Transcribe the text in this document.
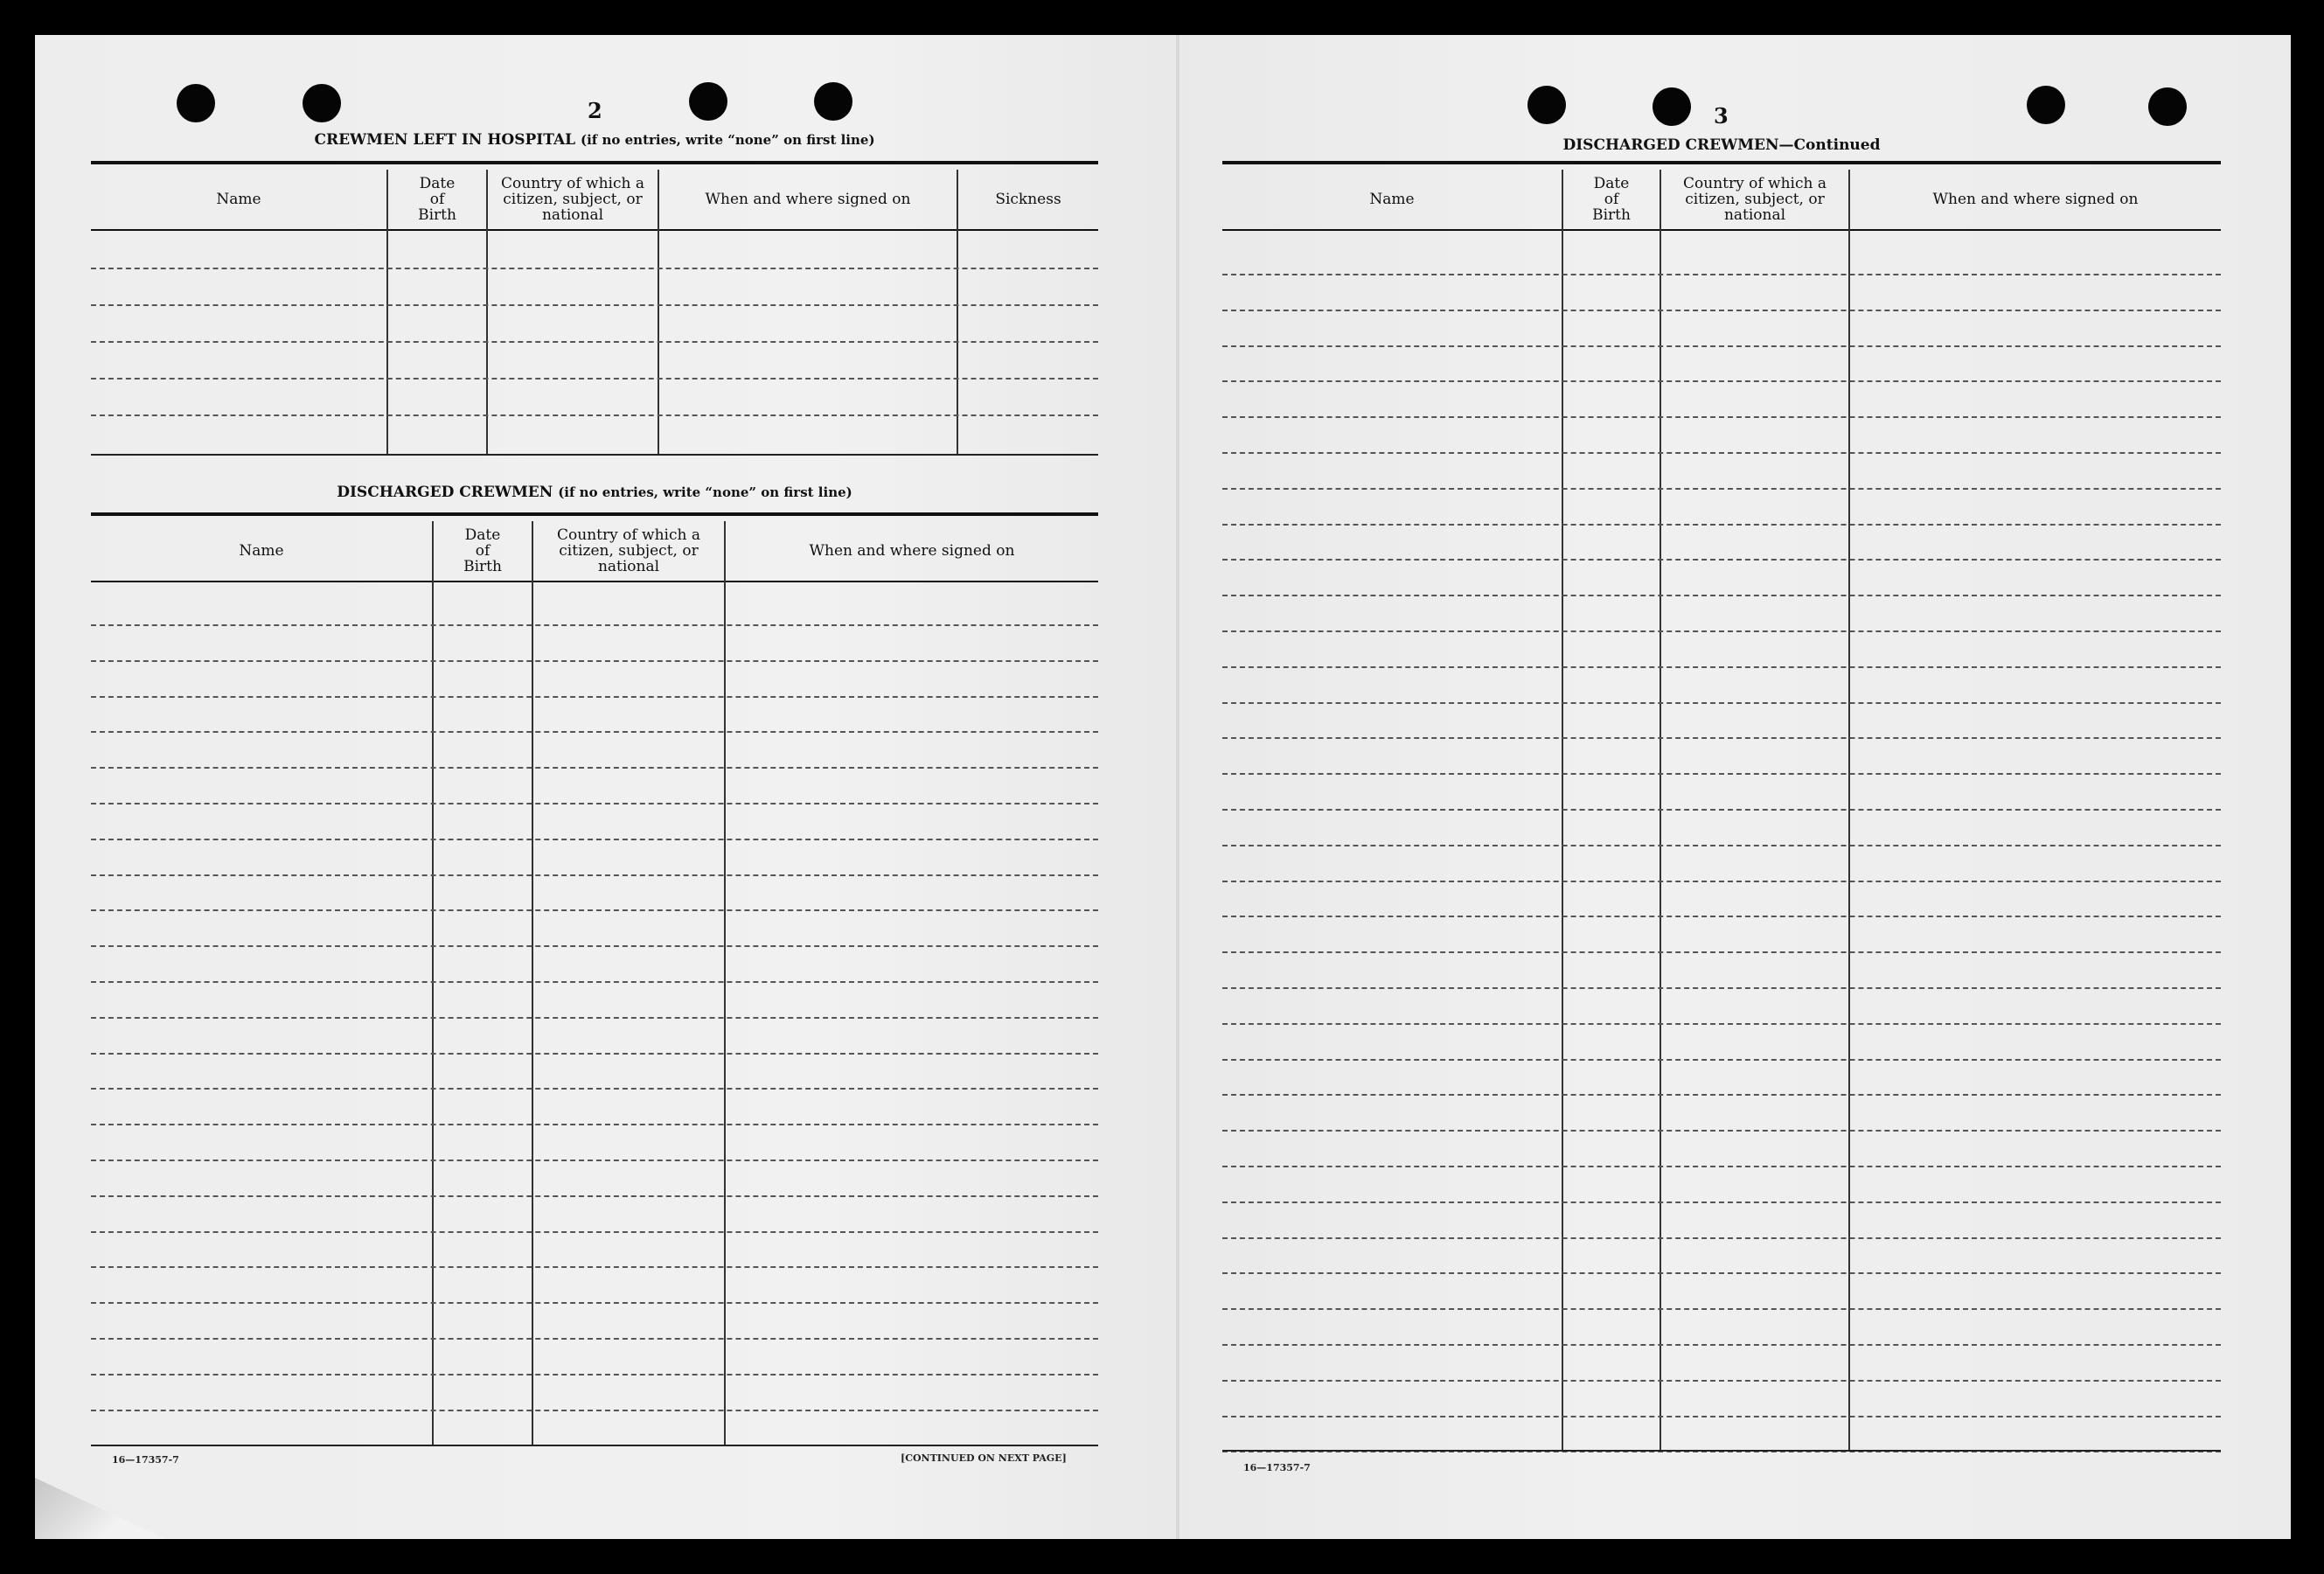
2
CREWMEN LEFT IN HOSPITAL (if no entries, write “none” on first line)
Name
Date
of
Birth
Country of which a
citizen, subject, or
national
When and where signed on	Sickness
DISCHARGED CREWMEN (if no entries, write “none” on first line)
Name
Date
of
Birth
Country of which a
citizen, subject, or
national
When and where signed on
16—17357-7	[CONTINUED ON NEXT PAGE]
3
DISCHARGED CREWMEN—Continued
Name
Date
of
Birth
Country of which a
citizen, subject, or
national
When and where signed on
16—17357-7
